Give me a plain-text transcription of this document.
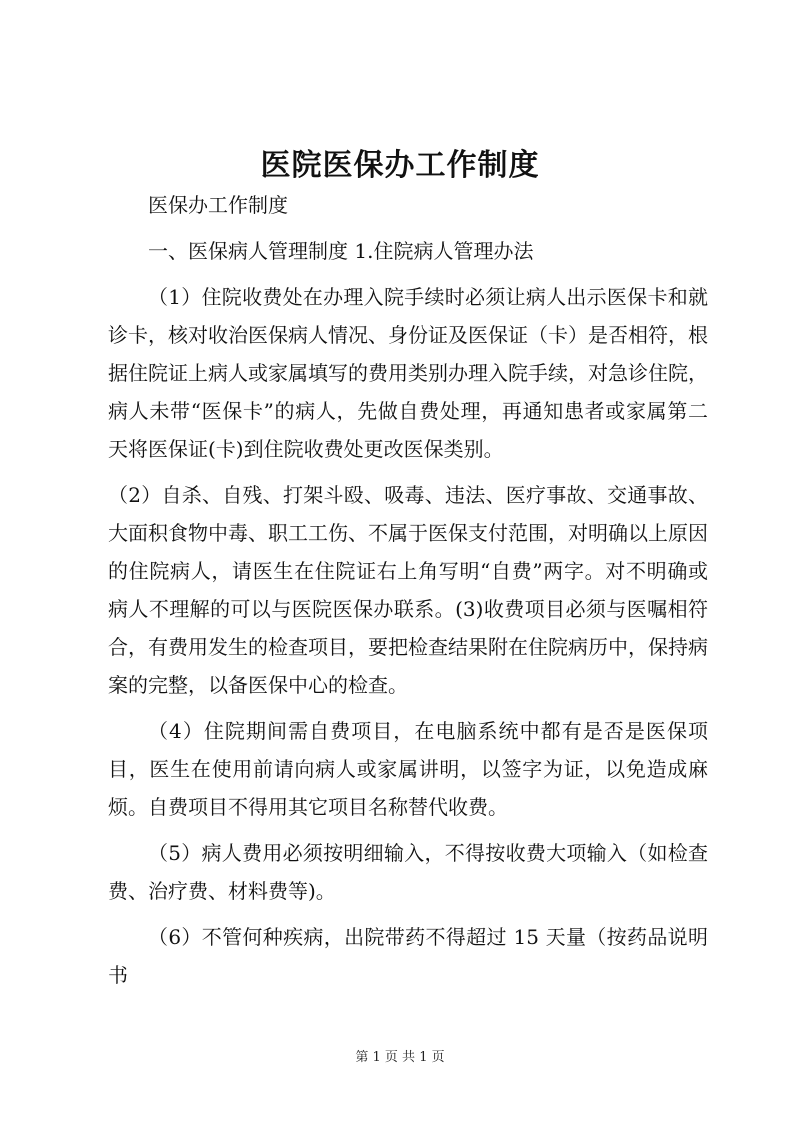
医院医保办工作制度

医保办工作制度

一、医保病人管理制度 1.住院病人管理办法

（1）住院收费处在办理入院手续时必须让病人出示医保卡和就诊卡，核对收治医保病人情况、身份证及医保证（卡）是否相符，根据住院证上病人或家属填写的费用类别办理入院手续，对急诊住院，病人未带“医保卡”的病人，先做自费处理，再通知患者或家属第二天将医保证(卡)到住院收费处更改医保类别。

（2）自杀、自残、打架斗殴、吸毒、违法、医疗事故、交通事故、大面积食物中毒、职工工伤、不属于医保支付范围，对明确以上原因的住院病人，请医生在住院证右上角写明“自费”两字。对不明确或病人不理解的可以与医院医保办联系。(3)收费项目必须与医嘱相符合，有费用发生的检查项目，要把检查结果附在住院病历中，保持病案的完整，以备医保中心的检查。

（4）住院期间需自费项目，在电脑系统中都有是否是医保项目，医生在使用前请向病人或家属讲明，以签字为证，以免造成麻烦。自费项目不得用其它项目名称替代收费。

（5）病人费用必须按明细输入，不得按收费大项输入（如检查费、治疗费、材料费等)。

（6）不管何种疾病，出院带药不得超过 15 天量（按药品说明书

第 1 页 共 1 页
